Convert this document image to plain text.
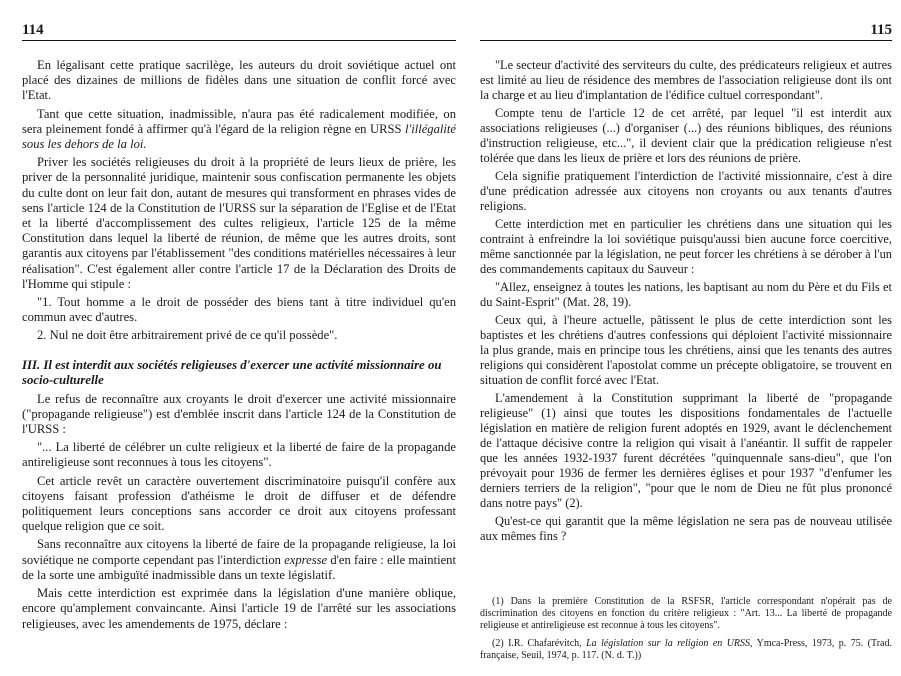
114

En légalisant cette pratique sacrilège, les auteurs du droit soviétique actuel ont placé des dizaines de millions de fidèles dans une situation de conflit forcé avec l'Etat.

Tant que cette situation, inadmissible, n'aura pas été radicalement modifiée, on sera pleinement fondé à affirmer qu'à l'égard de la religion règne en URSS l'illégalité sous les dehors de la loi.

Priver les sociétés religieuses du droit à la propriété de leurs lieux de prière, les priver de la personnalité juridique, maintenir sous confiscation permanente les objets du culte dont on leur fait don, autant de mesures qui transforment en phrases vides de sens l'article 124 de la Constitution de l'URSS sur la séparation de l'Eglise et de l'Etat et la liberté d'accomplissement des cultes religieux, l'article 125 de la même Constitution dans lequel la liberté de réunion, de même que les autres droits, sont garantis aux citoyens par l'établissement "des conditions matérielles nécessaires à leur réalisation". C'est également aller contre l'article 17 de la Déclaration des Droits de l'Homme qui stipule :

"1. Tout homme a le droit de posséder des biens tant à titre individuel qu'en commun avec d'autres.

2. Nul ne doit être arbitrairement privé de ce qu'il possède".

III. Il est interdit aux sociétés religieuses d'exercer une activité missionnaire ou socio-culturelle

Le refus de reconnaître aux croyants le droit d'exercer une activité missionnaire ("propagande religieuse") est d'emblée inscrit dans l'article 124 de la Constitution de l'URSS :

"... La liberté de célébrer un culte religieux et la liberté de faire de la propagande antireligieuse sont reconnues à tous les citoyens".

Cet article revêt un caractère ouvertement discriminatoire puisqu'il confère aux citoyens faisant profession d'athéisme le droit de diffuser et de défendre politiquement leurs conceptions sans accorder ce droit aux citoyens professant quelque religion que ce soit.

Sans reconnaître aux citoyens la liberté de faire de la propagande religieuse, la loi soviétique ne comporte cependant pas l'interdiction expresse d'en faire : elle maintient de la sorte une ambiguïté inadmissible dans un texte législatif.

Mais cette interdiction est exprimée dans la législation d'une manière oblique, encore qu'amplement convaincante. Ainsi l'article 19 de l'arrêté sur les associations religieuses, avec les amendements de 1975, déclare :

115

"Le secteur d'activité des serviteurs du culte, des prédicateurs religieux et autres est limité au lieu de résidence des membres de l'association religieuse dont ils ont la charge et au lieu d'implantation de l'édifice cultuel correspondant".

Compte tenu de l'article 12 de cet arrêté, par lequel "il est interdit aux associations religieuses (...) d'organiser (...) des réunions bibliques, des réunions d'instruction religieuse, etc...", il devient clair que la prédication religieuse n'est tolérée que dans les lieux de prière et lors des réunions de prière.

Cela signifie pratiquement l'interdiction de l'activité missionnaire, c'est à dire d'une prédication adressée aux citoyens non croyants ou aux tenants d'autres religions.

Cette interdiction met en particulier les chrétiens dans une situation qui les contraint à enfreindre la loi soviétique puisqu'aussi bien aucune force coercitive, même sanctionnée par la législation, ne peut forcer les chrétiens à se dérober à l'un des commandements capitaux du Sauveur :

"Allez, enseignez à toutes les nations, les baptisant au nom du Père et du Fils et du Saint-Esprit" (Mat. 28, 19).

Ceux qui, à l'heure actuelle, pâtissent le plus de cette interdiction sont les baptistes et les chrétiens d'autres confessions qui déploient l'activité missionnaire la plus grande, mais en principe tous les chrétiens, ainsi que les tenants des autres religions qui considèrent l'apostolat comme un précepte obligatoire, se trouvent en situation de conflit forcé avec l'Etat.

L'amendement à la Constitution supprimant la liberté de "propagande religieuse" (1) ainsi que toutes les dispositions fondamentales de l'actuelle législation en matière de religion furent adoptés en 1929, avant le déclenchement de l'attaque décisive contre la religion qui visait à l'anéantir. Il suffit de rappeler que les années 1932-1937 furent décrétées "quinquennale sans-dieu", que l'on prévoyait pour 1936 de fermer les dernières églises et pour 1937 "d'enfumer les derniers terriers de la religion", "pour que le nom de Dieu ne fût plus prononcé dans notre pays" (2).

Qu'est-ce qui garantit que la même législation ne sera pas de nouveau utilisée aux mêmes fins ?

(1) Dans la première Constitution de la RSFSR, l'article correspondant n'opérait pas de discrimination des citoyens en fonction du critère religieux : "Art. 13... La liberté de propagande religieuse et antireligieuse est reconnue à tous les citoyens".

(2) I.R. Chafarévitch, La législation sur la religion en URSS, Ymca-Press, 1973, p. 75. (Trad. française, Seuil, 1974, p. 117. (N. d. T.))
